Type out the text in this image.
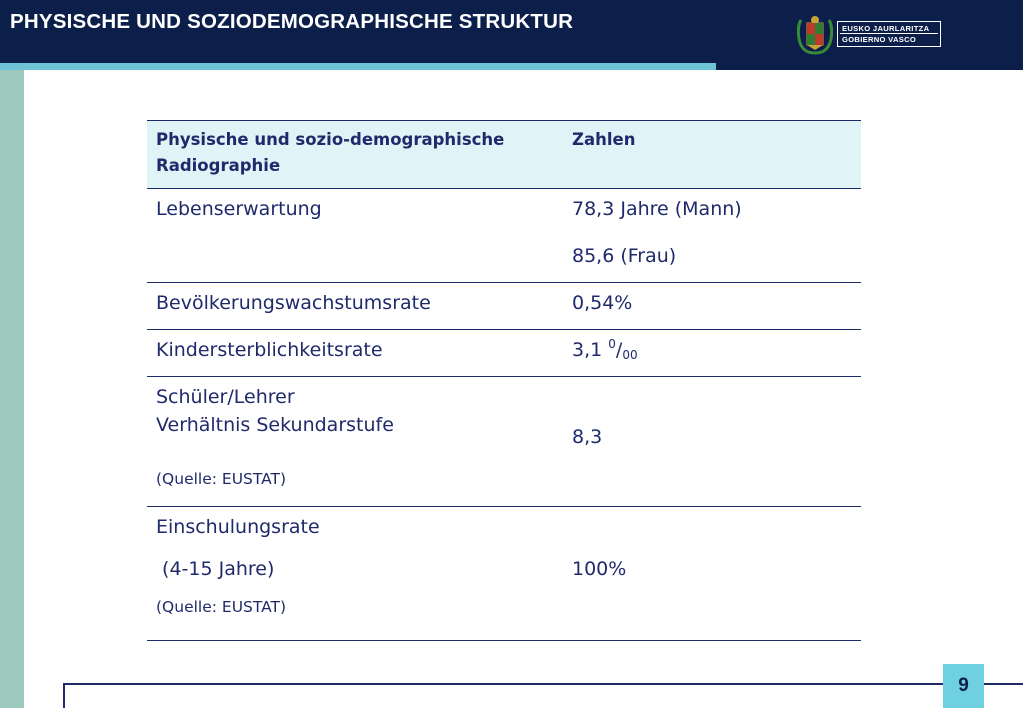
PHYSISCHE UND SOZIODEMOGRAPHISCHE STRUKTUR	EUSKO JAURLARITZA
GOBIERNO VASCO
Physische und sozio-demographische Radiographie	Zahlen

Lebenserwartung	78,3 Jahre (Mann)
85,6 (Frau)

Bevölkerungswachstumsrate	0,54%

Kindersterblichkeitsrate	3,1 $^0/_{00}$

Schüler/Lehrer
Verhältnis Sekundarstufe
(Quelle: EUSTAT)	8,3

Einschulungsrate
(4-15 Jahre)
(Quelle: EUSTAT)	100%
9
